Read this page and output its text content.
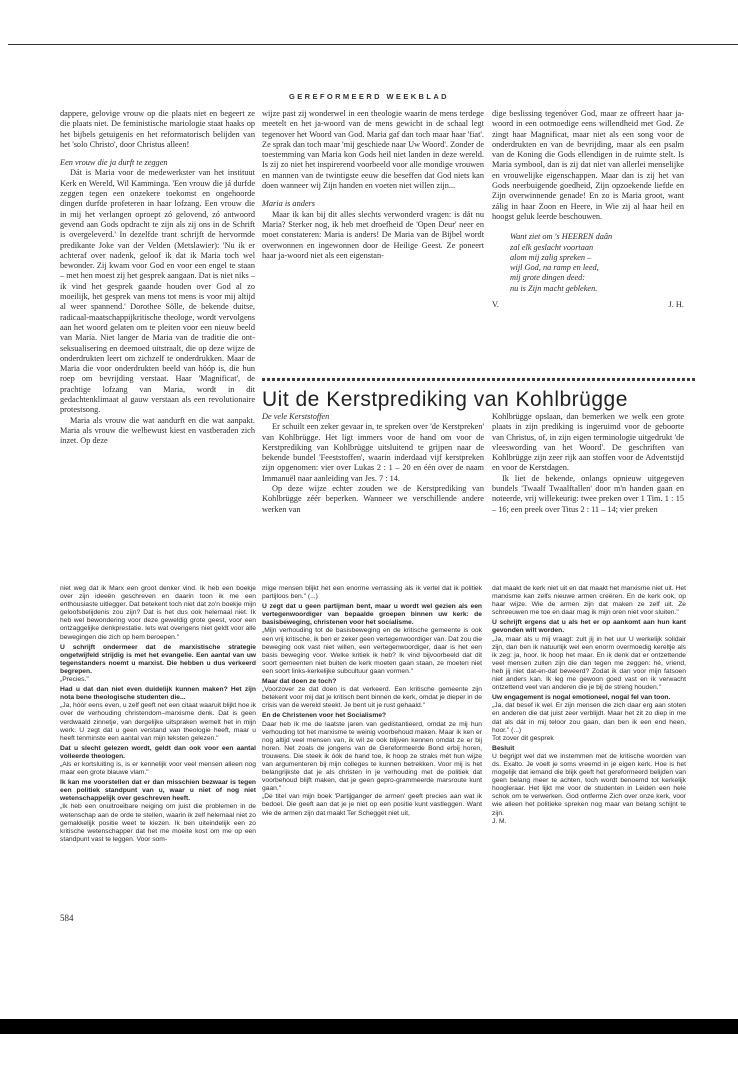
GEREFORMEERD WEEKBLAD

dappere, gelovige vrouw op die plaats niet en begeert ze die plaats niet. De feministische mariologie staat haaks op het bijbels getuigenis en het reformatorisch belijden van het 'solo Christo', door Christus alleen!

Een vrouw die ja durft te zeggen

Dát is Maria voor de medewerkster van het instituut Kerk en Wereld, Wil Kamminga. 'Een vrouw die já durfde zeggen tegen een onzekere toekomst en ongehoorde dingen durfde profeteren in haar lofzang. Een vrouw die in mij het verlangen oproept zó gelovend, zó antwoord gevend aan Gods opdracht te zijn als zij ons in de Schrift is overgeleverd.' In dezelfde trant schrijft de hervormde predikante Joke van der Velden (Metslawier): 'Nu ik er achteraf over nadenk, geloof ik dat ik Maria toch wel bewonder. Zij kwam voor God en voor een engel te staan – met hen moest zij het gesprek aangaan. Dat is niet niks – ik vind het gesprek gaande houden over God al zo moeilijk, het gesprek van mens tot mens is voor mij altijd al weer spannend.' Dorothee Sölle, de bekende duitse, radicaal-maatschappijkritische theologe, wordt vervolgens aan het woord gelaten om te pleiten voor een nieuw beeld van Maria. Niet langer de Maria van de traditie die ont-seksualisering en deemoed uitstraalt, die op deze wijze de onderdrukten leert om zichzelf te onderdrukken. Maar de Maria die voor onderdrukten beeld van hóóp is, die hun roep om bevrijding verstaat. Haar 'Magnificat', de prachtige lofzang van Maria, wordt in dit gedachtenklimaat al gauw verstaan als een revolutionaire protestsong.

Maria als vrouw die wat aandurft en die wat aanpakt. Maria als vrouw die welbewust kiest en vastberaden zich inzet. Op deze

wijze past zij wonderwel in een theologie waarin de mens terdege meetelt en het ja-woord van de mens gewicht in de schaal legt tegenover het Woord van God. Maria gaf dan toch maar haar 'fiat'. Ze sprak dan toch maar 'mij geschiede naar Uw Woord'. Zonder de toestemming van Maria kon Gods heil niet landen in deze wereld. Is zij zo niet het inspirerend voorbeeld voor alle mondige vrouwen en mannen van de twintigste eeuw die beseffen dat God niets kan doen wanneer wij Zijn handen en voeten niet willen zijn...

Maria is anders

Maar ik kan bij dit alles slechts verwonderd vragen: is dát nu Maria? Sterker nog, ik heb met droefheid de 'Open Deur' neer en moet constateren: Maria is anders! De Maria van de Bijbel wordt overwonnen en ingewonnen door de Heilige Geest. Ze poneert haar ja-woord niet als een eigenstan-

dige beslissing tegenóver God, maar ze offreert haar ja-woord in een ootmoedige eens willendheid met God. Ze zingt haar Magnificat, maar niet als een song voor de onderdrukten en van de bevrijding, maar als een psalm van de Koning die Gods ellendigen in de ruimte stelt. Is Maria symbool, dan is zij dat niet van allerlei menselijke en vrouwelijke eigenschappen. Maar dan is zij het van Gods neerbuigende goedheid, Zijn opzoekende liefde en Zijn overwinnende genade! En zo is Maria groot, want zálig in haar Zoon en Heere, in Wie zij al haar heil en hoogst geluk leerde beschouwen.

Want ziet om 's HEEREN daân
zal elk geslacht voortaan
alom mij zalig spreken –
wijl God, na ramp en leed,
mij grote dingen deed:
nu is Zijn macht gebleken.
V.	J. H.
Uit de Kerstprediking van Kohlbrügge

De vele Kerststoffen

Er schuilt een zeker gevaar in, te spreken over 'de Kerstpreken' van Kohlbrügge. Het ligt immers voor de hand om voor de Kerstprediking van Kohlbrügge uitsluitend te grijpen naar de bekende bundel 'Feeststoffen', waarin inderdaad vijf kerstpreken zijn opgenomen: vier over Lukas 2 : 1 – 20 en één over de naam Immanuël naar aanleiding van Jes. 7 : 14.

Op deze wijze echter zouden we de Kerstprediking van Kohlbrügge zéér beperken. Wanneer we verschillende andere werken van

Kohlbrügge opslaan, dan bemerken we welk een grote plaats in zijn prediking is ingeruimd voor de geboorte van Christus, of, in zijn eigen terminologie uitgedrukt 'de vleeswording van het Woord'. De geschriften van Kohlbrügge zijn zeer rijk aan stoffen voor de Adventstijd en voor de Kerstdagen.

Ik liet de bekende, onlangs opnieuw uitgegeven bundels 'Twaalf Twaalftallen' door m'n handen gaan en noteerde, vrij willekeurig: twee preken over 1 Tim. 1 : 15 – 16; een preek over Titus 2 : 11 – 14; vier preken

niet weg dat ik Marx een groot denker vind. Ik heb een boekje over zijn ideeën geschreven en daarin toon ik me een enthousiaste uitlegger. Dat betekent toch niet dat zo'n boekje mijn geloofsbelijdenis zou zijn? Dat is het dus ook helemaal niet. Ik heb wel bewondering voor deze geweldig grote geest, voor een ontzaggelijke denkprestatie. Iets wat overigens niet geldt voor alle bewegingen die zich op hem beroepen."

U schrijft ondermeer dat de marxistische strategie ongetwijfeld strijdig is met het evangelie. Een aantal van uw tegenstanders noemt u marxist. Die hebben u dus verkeerd begrepen.

„Precies."

Had u dat dan niet even duidelijk kunnen maken? Het zijn nota bene theologische studenten die...

„Ja, hóór eens even, u zelf geeft net een citaat waaruit blijkt hoe ik over de verhouding christendom–marxisme denk. Dat is geen verdwaald zinnetje, van dergelijke uitspraken wemelt het in mijn werk. U zegt dat u geen verstand van theologie heeft, maar u heeft tenminste een aantal van mijn teksten gelezen."

Dat u slecht gelezen wordt, geldt dan ook voor een aantal volleerde theologen.

„Als er kortsluiting is, is er kennelijk voor veel mensen alleen nog maar een grote blauwe vlam."

Ik kan me voorstellen dat er dan misschien bezwaar is tegen een politiek standpunt van u, waar u niet of nog niet wetenschappelijk over geschreven heeft.

„Ik heb een onuitroeibare neiging om juist die problemen in de wetenschap aan de orde te stellen, waarin ik zelf helemaal niet zo gemakkelijk positie weet te kiezen. Ik ben uiteindelijk een zo kritische wetenschapper dat het me moeite kost om me op een standpunt vast te leggen. Voor som-

mige mensen blijkt het een enorme verrassing als ik vertel dat ik politiek partijloos ben." (...)

U zegt dat u geen partijman bent, maar u wordt wel gezien als een vertegenwoordiger van bepaalde groepen binnen uw kerk: de basisbeweging, christenen voor het socialisme.

„Mijn verhouding tot de basisbeweging en de kritische gemeente is ook een vrij kritische, ik ben er zeker geen vertegenwoordiger van. Dat zou die beweging ook vast niet willen, een vertegenwoordiger, daar is het een basis beweging voor. Welke kritiek ik heb? Ik vind bijvoorbeeld dat dit soort gemeenten niet buiten de kerk moeten gaan staan, ze moeten niet een soort links-kerkelijke subcultuur gaan vormen."

Maar dat doen ze toch?

„Voorzover ze dat doen is dat verkeerd. Een kritische gemeente zijn betekent voor mij dat je kritisch bent binnen de kerk, omdat je dieper in de crisis van de wereld steekt. Je bent uit je rust gehaald."

En de Christenen voor het Socialisme?

Daar heb ik me de laatste jaren van gedistantieerd, omdat ze mij hun verhouding tot het marxisme te weinig voorbehoud maken. Maar ik ken er nog altijd veel mensen van, ik wil ze ook blijven kennen omdat ze er bij horen. Net zoals de jongens van de Gereformeerde Bond erbij horen, trouwens. Die steek ik óók de hand toe, ik hoop ze straks mét hun wijze van argumenteren bij mijn colleges te kunnen betrekken. Voor mij is het belangrijkste dat je als christen in je verhouding met de politiek dat voorbehoud blijft maken, dat je geen gepro-grammeerde marsroute kunt gaan."

„De titel van mijn boek 'Partijganger de armen' geeft precies aan wat ik bedoel. Die geeft aan dat je je niet op een positie kunt vastleggen. Want wie de armen zijn dat maakt Ter Schegget niet uit,

dat maakt de kerk niet uit en dat maakt het marxisme niet uit. Het marxisme kan zelfs nieuwe armen creëren. En de kerk ook, op haar wijze. Wie de armen zijn dat maken ze zelf uit. Ze schreeuwen me toe en daar mag ik mijn oren niet voor sluiten."

U schrijft ergens dat u als het er op aankomt aan hun kant gevonden wilt worden.

„Ja, maar als u mij vraagt: zult jij in het uur U werkelijk solidair zijn, dan ben ik natuurlijk wel een enorm overmoedig kereltje als ik zeg: ja, hoor. Ik hoop het maar. En ik denk dat er ontzettende veel mensen zullen zijn die dan tegen me zeggen: hé, vriend, heb jij niet dat-en-dat beweerd? Zodat ik dan voor mijn fatsoen niet anders kan. Ik leg me gewoon goed vast en ik verwacht ontzettend veel van anderen die je bij de streng houden."

Uw engagement is nogal emotioneel, nogal fel van toon.

„Ja, dat besef ik wel. Er zijn mensen die zich daar erg aan stoten en anderen die dat juist zeer verblijdt. Maar het zit zo diep in me dat als dát in mij teloor zou gaan, dan ben ik een end heen, hoor." (...)

Tot zover dit gesprek

Besluit

U begrijpt wel dat we instemmen met de kritische woorden van ds. Exalto. Je voelt je soms vreemd in je eigen kerk. Hoe is het mogelijk dat iemand die blijk geeft het gereformeerd belijden van geen belang meer te achten, toch wordt benoemd tot kerkelijk hoogleraar. Het lijkt me voor de studenten in Leiden een hele schok om te verwerken. God ontferme Zich over onze kerk, voor wie alleen het politieke spreken nog maar van belang schijnt te zijn.

J. M.

584
